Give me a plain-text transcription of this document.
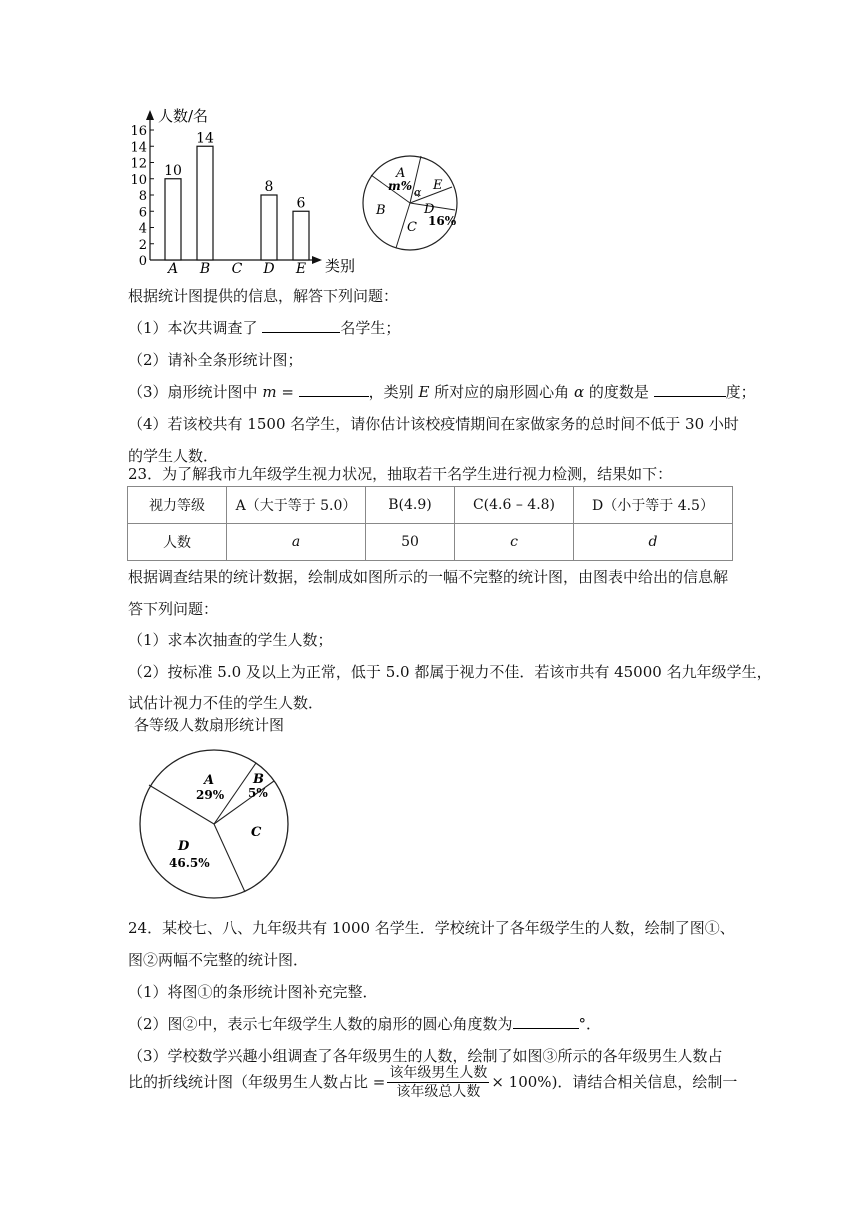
0
2
4
6
8
10
12
14
16
10
14
8
6
A B C D E
人数/名
类别
A
m% α E
B	D
16%
C
根据统计图提供的信息，解答下列问题：
（1）本次共调查了	名学生；
（2）请补全条形统计图；
（3）扇形统计图中 m =	，类别 E 所对应的扇形圆心角 α 的度数是	度；
（4）若该校共有 1500 名学生，请你估计该校疫情期间在家做家务的总时间不低于 30 小时
的学生人数．
23．为了解我市九年级学生视力状况，抽取若干名学生进行视力检测，结果如下：
视力等级	A（大于等于 5.0）	B(4.9)	C(4.6 – 4.8)	D（小于等于 4.5）
人数	a	50	c	d
根据调查结果的统计数据，绘制成如图所示的一幅不完整的统计图，由图表中给出的信息解
答下列问题：
（1）求本次抽查的学生人数；
（2）按标准 5.0 及以上为正常，低于 5.0 都属于视力不佳．若该市共有 45000 名九年级学生，
试估计视力不佳的学生人数．
各等级人数扇形统计图
A
29%
B
5%
C
D
46.5%
24．某校七、八、九年级共有 1000 名学生．学校统计了各年级学生的人数，绘制了图①、
图②两幅不完整的统计图．
（1）将图①的条形统计图补充完整．
（2）图②中，表示七年级学生人数的扇形的圆心角度数为	°．
（3）学校数学兴趣小组调查了各年级男生的人数，绘制了如图③所示的各年级男生人数占
比的折线统计图（年级男生人数占比 = $\frac{\text{该年级男生人数}}{\text{该年级总人数}} \times 100\%$)．请结合相关信息，绘制一
